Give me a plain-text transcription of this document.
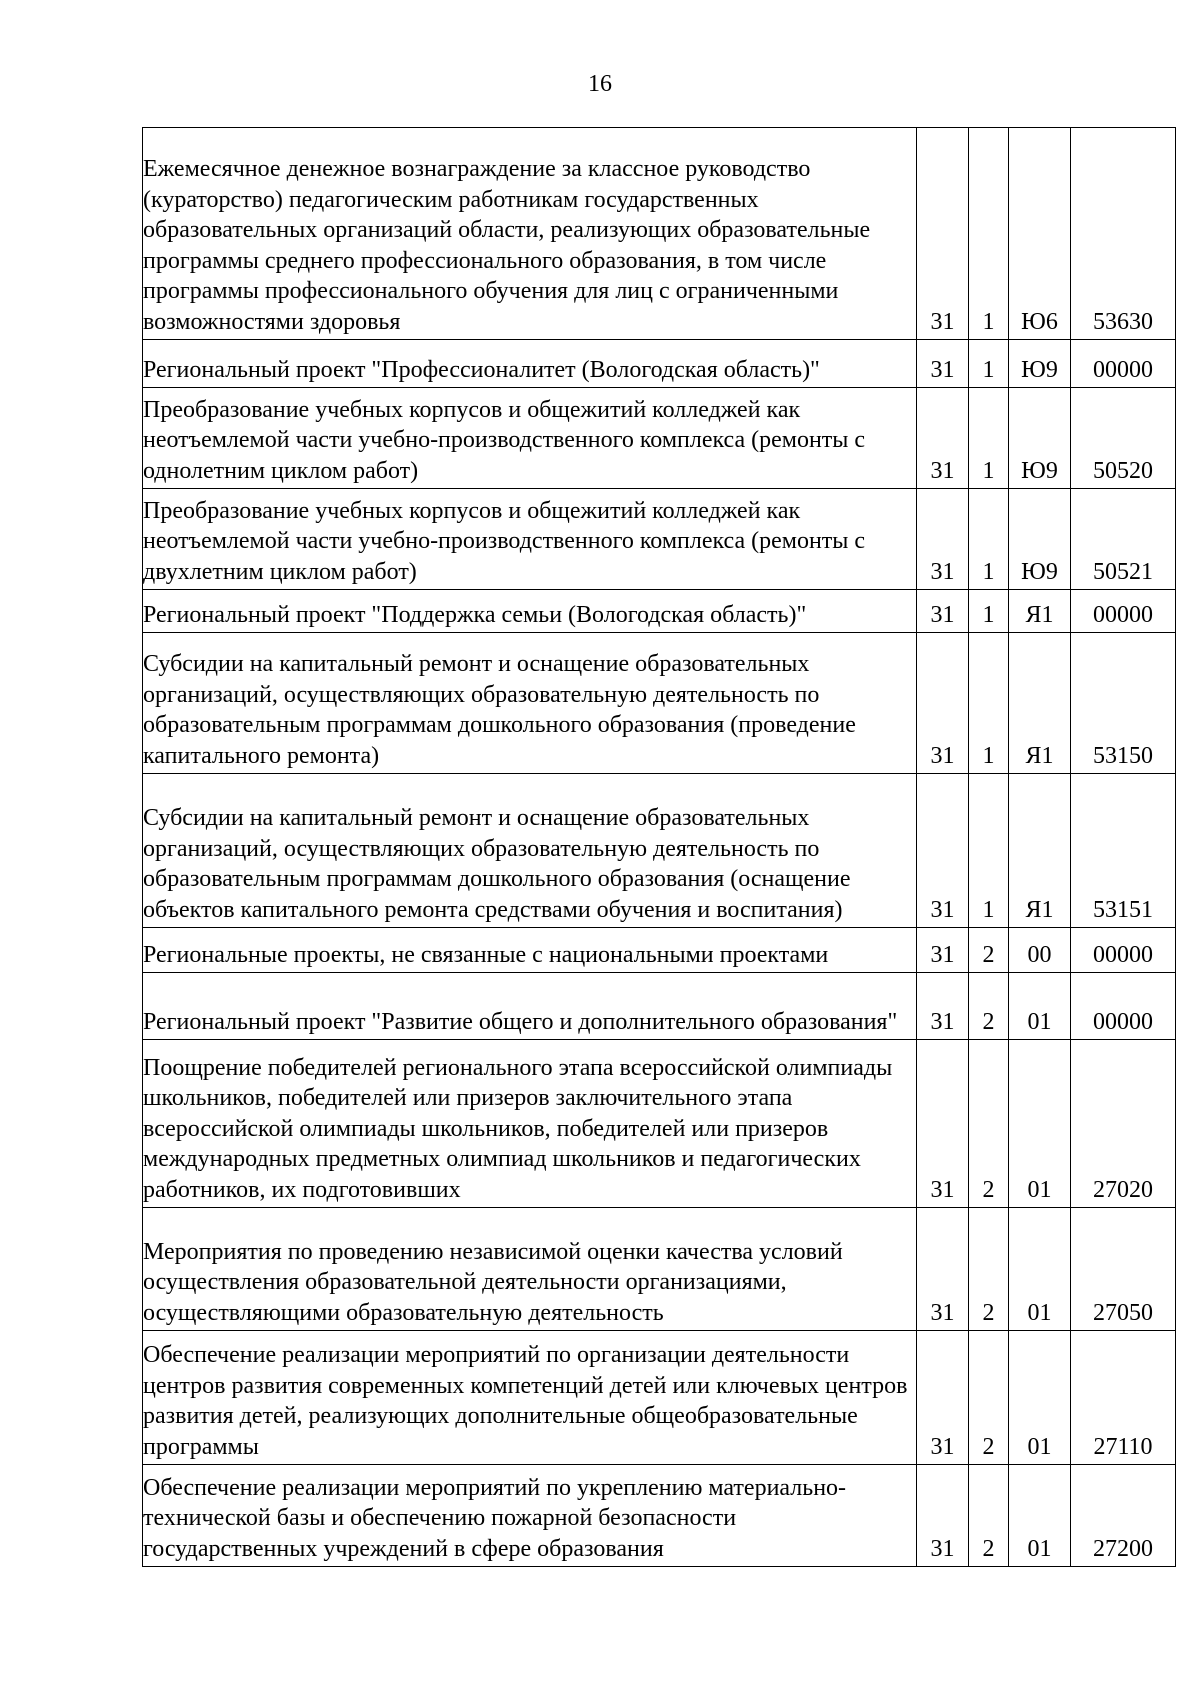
16
Ежемесячное денежное вознаграждение за классное руководство (кураторство) педагогическим работникам государственных образовательных организаций области, реализующих образовательные программы среднего профессионального образования, в том числе программы профессионального обучения для лиц с ограниченными возможностями здоровья	31	1	Ю6	53630

Региональный проект "Профессионалитет (Вологодская область)"	31	1	Ю9	00000

Преобразование учебных корпусов и общежитий колледжей как неотъемлемой части учебно-производственного комплекса (ремонты с однолетним циклом работ)	31	1	Ю9	50520

Преобразование учебных корпусов и общежитий колледжей как неотъемлемой части учебно-производственного комплекса (ремонты с двухлетним циклом работ)	31	1	Ю9	50521

Региональный проект "Поддержка семьи (Вологодская область)"	31	1	Я1	00000

Субсидии на капитальный ремонт и оснащение образовательных организаций, осуществляющих образовательную деятельность по образовательным программам дошкольного образования (проведение капитального ремонта)	31	1	Я1	53150

Субсидии на капитальный ремонт и оснащение образовательных организаций, осуществляющих образовательную деятельность по образовательным программам дошкольного образования (оснащение объектов капитального ремонта средствами обучения и воспитания)	31	1	Я1	53151

Региональные проекты, не связанные с национальными проектами	31	2	00	00000

Региональный проект "Развитие общего и дополнительного образования"	31	2	01	00000

Поощрение победителей регионального этапа всероссийской олимпиады школьников, победителей или призеров заключительного этапа всероссийской олимпиады школьников, победителей или призеров международных предметных олимпиад школьников и педагогических работников, их подготовивших	31	2	01	27020

Мероприятия по проведению независимой оценки качества условий осуществления образовательной деятельности организациями, осуществляющими образовательную деятельность	31	2	01	27050

Обеспечение реализации мероприятий по организации деятельности центров развития современных компетенций детей или ключевых центров развития детей, реализующих дополнительные общеобразовательные программы	31	2	01	27110

Обеспечение реализации мероприятий по укреплению материально-технической базы и обеспечению пожарной безопасности государственных учреждений в сфере образования	31	2	01	27200
